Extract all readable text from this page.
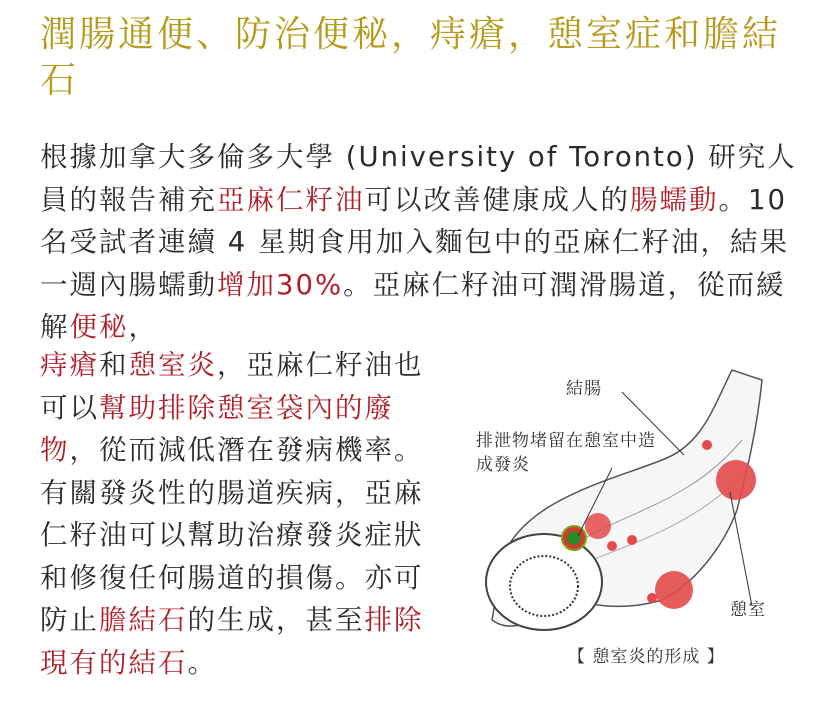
潤腸通便、防治便秘，痔瘡，憩室症和膽結石

根據加拿大多倫多大學 (University of Toronto) 研究人員的報告補充亞麻仁籽油可以改善健康成人的腸蠕動。10 名受試者連續 4 星期食用加入麵包中的亞麻仁籽油，結果一週內腸蠕動增加30%。亞麻仁籽油可潤滑腸道，從而緩解便秘，

痔瘡和憩室炎，亞麻仁籽油也可以幫助排除憩室袋內的廢物，從而減低潛在發病機率。有關發炎性的腸道疾病，亞麻仁籽油可以幫助治療發炎症狀和修復任何腸道的損傷。亦可防止膽結石的生成，甚至排除現有的結石。

結腸
排泄物堵留在憩室中造成發炎
憩室
【 憩室炎的形成 】
